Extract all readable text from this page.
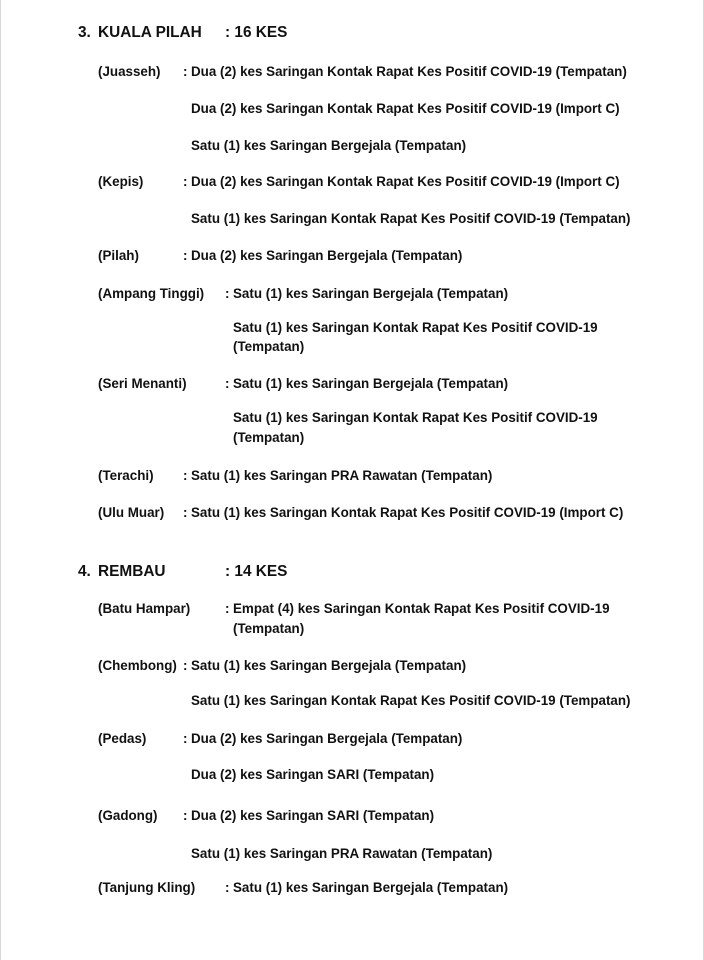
3. KUALA PILAH : 16 KES
(Juasseh) : Dua (2) kes Saringan Kontak Rapat Kes Positif COVID-19 (Tempatan)
Dua (2) kes Saringan Kontak Rapat Kes Positif COVID-19 (Import C)
Satu (1) kes Saringan Bergejala (Tempatan)
(Kepis)	: Dua (2) kes Saringan Kontak Rapat Kes Positif COVID-19 (Import C)
Satu (1) kes Saringan Kontak Rapat Kes Positif COVID-19 (Tempatan)
(Pilah)	: Dua (2) kes Saringan Bergejala (Tempatan)
(Ampang Tinggi) : Satu (1) kes Saringan Bergejala (Tempatan)
Satu (1) kes Saringan Kontak Rapat Kes Positif COVID-19
(Tempatan)
(Seri Menanti)	: Satu (1) kes Saringan Bergejala (Tempatan)
Satu (1) kes Saringan Kontak Rapat Kes Positif COVID-19
(Tempatan)
(Terachi) : Satu (1) kes Saringan PRA Rawatan (Tempatan)
(Ulu Muar) : Satu (1) kes Saringan Kontak Rapat Kes Positif COVID-19 (Import C)
4. REMBAU	: 14 KES
(Batu Hampar)	: Empat (4) kes Saringan Kontak Rapat Kes Positif COVID-19
(Tempatan)
(Chembong) : Satu (1) kes Saringan Bergejala (Tempatan)
Satu (1) kes Saringan Kontak Rapat Kes Positif COVID-19 (Tempatan)
(Pedas)	: Dua (2) kes Saringan Bergejala (Tempatan)
Dua (2) kes Saringan SARI (Tempatan)
(Gadong) : Dua (2) kes Saringan SARI (Tempatan)
Satu (1) kes Saringan PRA Rawatan (Tempatan)
(Tanjung Kling) : Satu (1) kes Saringan Bergejala (Tempatan)
